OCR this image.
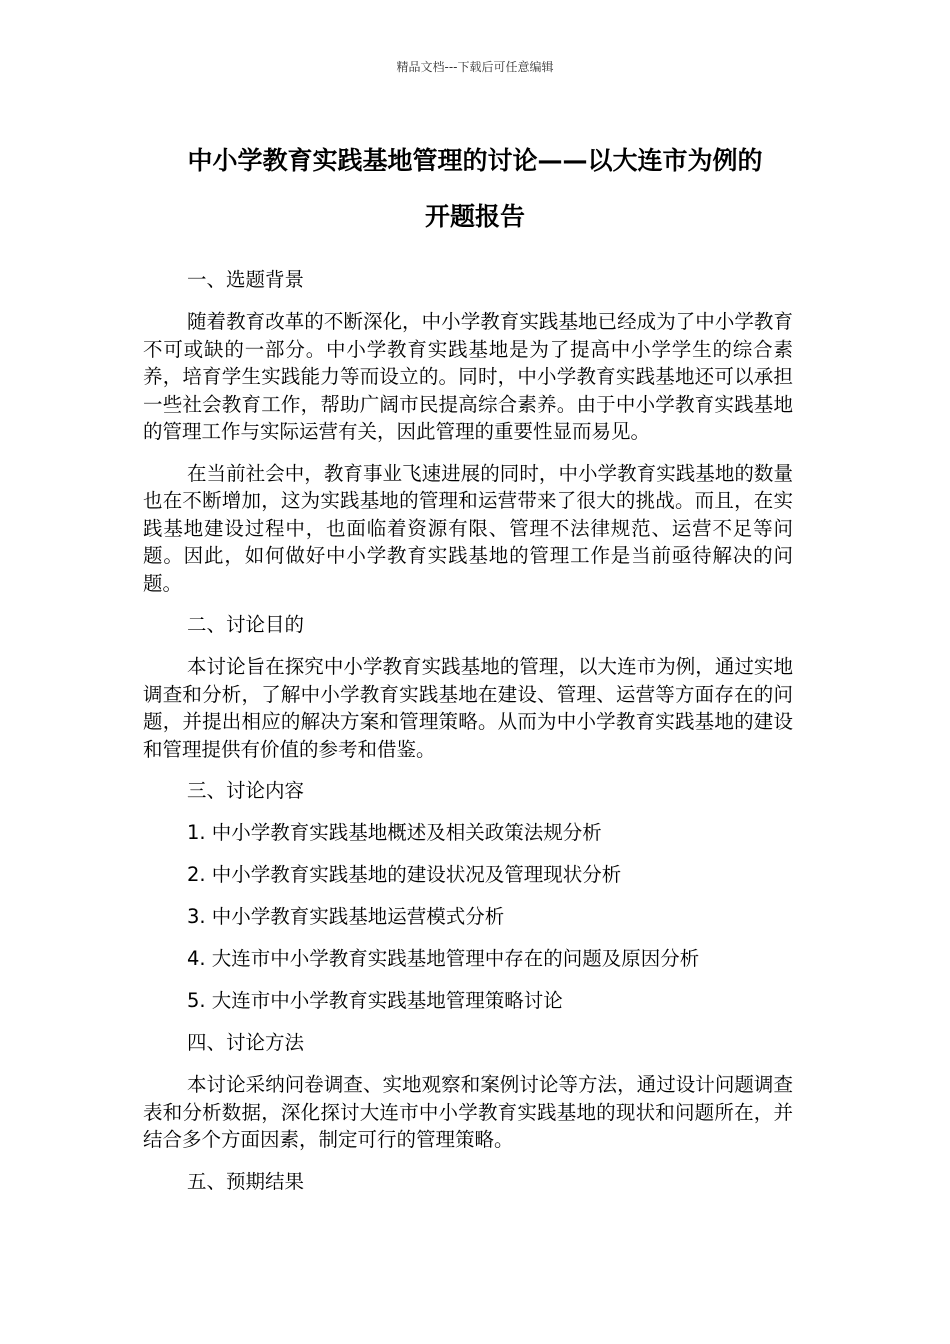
精品文档---下载后可任意编辑
中小学教育实践基地管理的讨论——以大连市为例的
开题报告

一、选题背景

随着教育改革的不断深化，中小学教育实践基地已经成为了中小学教育不可或缺的一部分。中小学教育实践基地是为了提高中小学学生的综合素养，培育学生实践能力等而设立的。同时，中小学教育实践基地还可以承担一些社会教育工作，帮助广阔市民提高综合素养。由于中小学教育实践基地的管理工作与实际运营有关，因此管理的重要性显而易见。

在当前社会中，教育事业飞速进展的同时，中小学教育实践基地的数量也在不断增加，这为实践基地的管理和运营带来了很大的挑战。而且，在实践基地建设过程中，也面临着资源有限、管理不法律规范、运营不足等问题。因此，如何做好中小学教育实践基地的管理工作是当前亟待解决的问题。

二、讨论目的

本讨论旨在探究中小学教育实践基地的管理，以大连市为例，通过实地调查和分析，了解中小学教育实践基地在建设、管理、运营等方面存在的问题，并提出相应的解决方案和管理策略。从而为中小学教育实践基地的建设和管理提供有价值的参考和借鉴。

三、讨论内容

1. 中小学教育实践基地概述及相关政策法规分析

2. 中小学教育实践基地的建设状况及管理现状分析

3. 中小学教育实践基地运营模式分析

4. 大连市中小学教育实践基地管理中存在的问题及原因分析

5. 大连市中小学教育实践基地管理策略讨论

四、讨论方法

本讨论采纳问卷调查、实地观察和案例讨论等方法，通过设计问题调查表和分析数据，深化探讨大连市中小学教育实践基地的现状和问题所在，并结合多个方面因素，制定可行的管理策略。

五、预期结果
